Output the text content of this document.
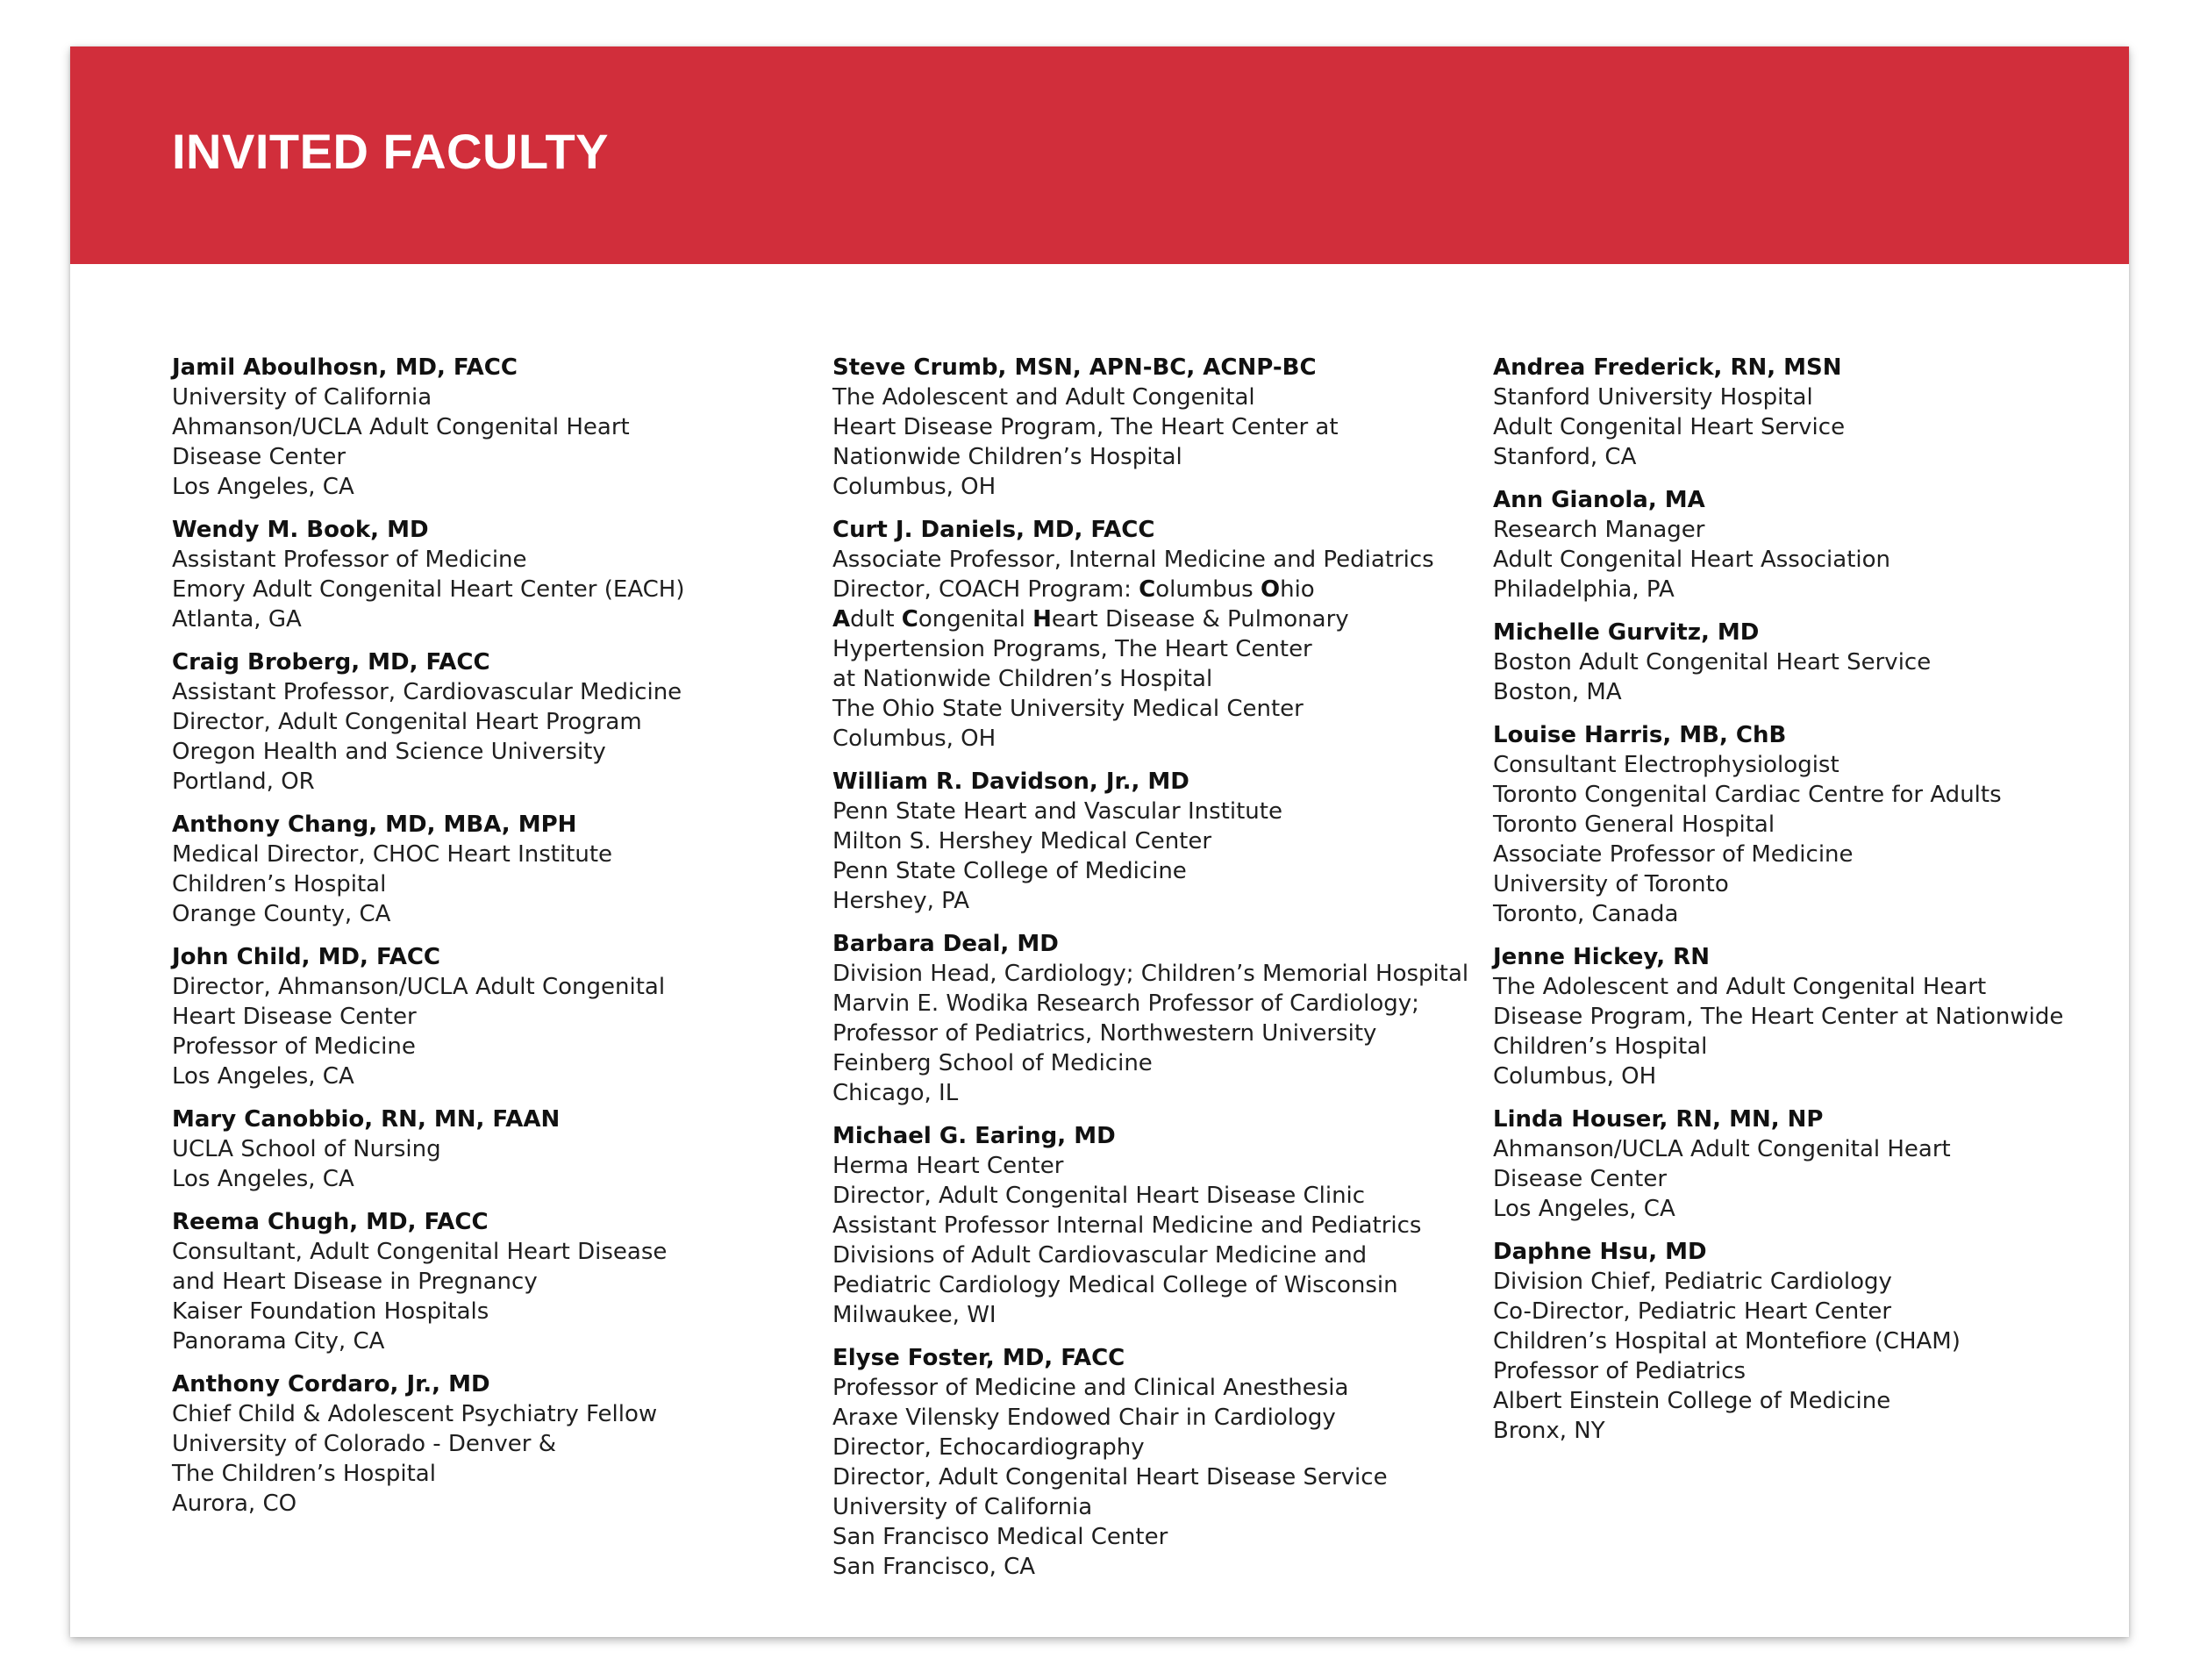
INVITED FACULTY
Jamil Aboulhosn, MD, FACC
University of California
Ahmanson/UCLA Adult Congenital Heart
Disease Center
Los Angeles, CA
Wendy M. Book, MD
Assistant Professor of Medicine
Emory Adult Congenital Heart Center (EACH)
Atlanta, GA
Craig Broberg, MD, FACC
Assistant Professor, Cardiovascular Medicine
Director, Adult Congenital Heart Program
Oregon Health and Science University
Portland, OR
Anthony Chang, MD, MBA, MPH
Medical Director, CHOC Heart Institute
Children’s Hospital
Orange County, CA
John Child, MD, FACC
Director, Ahmanson/UCLA Adult Congenital
Heart Disease Center
Professor of Medicine
Los Angeles, CA
Mary Canobbio, RN, MN, FAAN
UCLA School of Nursing
Los Angeles, CA
Reema Chugh, MD, FACC
Consultant, Adult Congenital Heart Disease
and Heart Disease in Pregnancy
Kaiser Foundation Hospitals
Panorama City, CA
Anthony Cordaro, Jr., MD
Chief Child & Adolescent Psychiatry Fellow
University of Colorado - Denver &
The Children’s Hospital
Aurora, CO
Steve Crumb, MSN, APN-BC, ACNP-BC
The Adolescent and Adult Congenital
Heart Disease Program, The Heart Center at
Nationwide Children’s Hospital
Columbus, OH
Curt J. Daniels, MD, FACC
Associate Professor, Internal Medicine and Pediatrics
Director, COACH Program: Columbus Ohio
Adult Congenital Heart Disease & Pulmonary
Hypertension Programs, The Heart Center
at Nationwide Children’s Hospital
The Ohio State University Medical Center
Columbus, OH
William R. Davidson, Jr., MD
Penn State Heart and Vascular Institute
Milton S. Hershey Medical Center
Penn State College of Medicine
Hershey, PA
Barbara Deal, MD
Division Head, Cardiology; Children’s Memorial Hospital
Marvin E. Wodika Research Professor of Cardiology;
Professor of Pediatrics, Northwestern University
Feinberg School of Medicine
Chicago, IL
Michael G. Earing, MD
Herma Heart Center
Director, Adult Congenital Heart Disease Clinic
Assistant Professor Internal Medicine and Pediatrics
Divisions of Adult Cardiovascular Medicine and
Pediatric Cardiology Medical College of Wisconsin
Milwaukee, WI
Elyse Foster, MD, FACC
Professor of Medicine and Clinical Anesthesia
Araxe Vilensky Endowed Chair in Cardiology
Director, Echocardiography
Director, Adult Congenital Heart Disease Service
University of California
San Francisco Medical Center
San Francisco, CA
Andrea Frederick, RN, MSN
Stanford University Hospital
Adult Congenital Heart Service
Stanford, CA
Ann Gianola, MA
Research Manager
Adult Congenital Heart Association
Philadelphia, PA
Michelle Gurvitz, MD
Boston Adult Congenital Heart Service
Boston, MA
Louise Harris, MB, ChB
Consultant Electrophysiologist
Toronto Congenital Cardiac Centre for Adults
Toronto General Hospital
Associate Professor of Medicine
University of Toronto
Toronto, Canada
Jenne Hickey, RN
The Adolescent and Adult Congenital Heart
Disease Program, The Heart Center at Nationwide
Children’s Hospital
Columbus, OH
Linda Houser, RN, MN, NP
Ahmanson/UCLA Adult Congenital Heart
Disease Center
Los Angeles, CA
Daphne Hsu, MD
Division Chief, Pediatric Cardiology
Co-Director, Pediatric Heart Center
Children’s Hospital at Montefiore (CHAM)
Professor of Pediatrics
Albert Einstein College of Medicine
Bronx, NY
